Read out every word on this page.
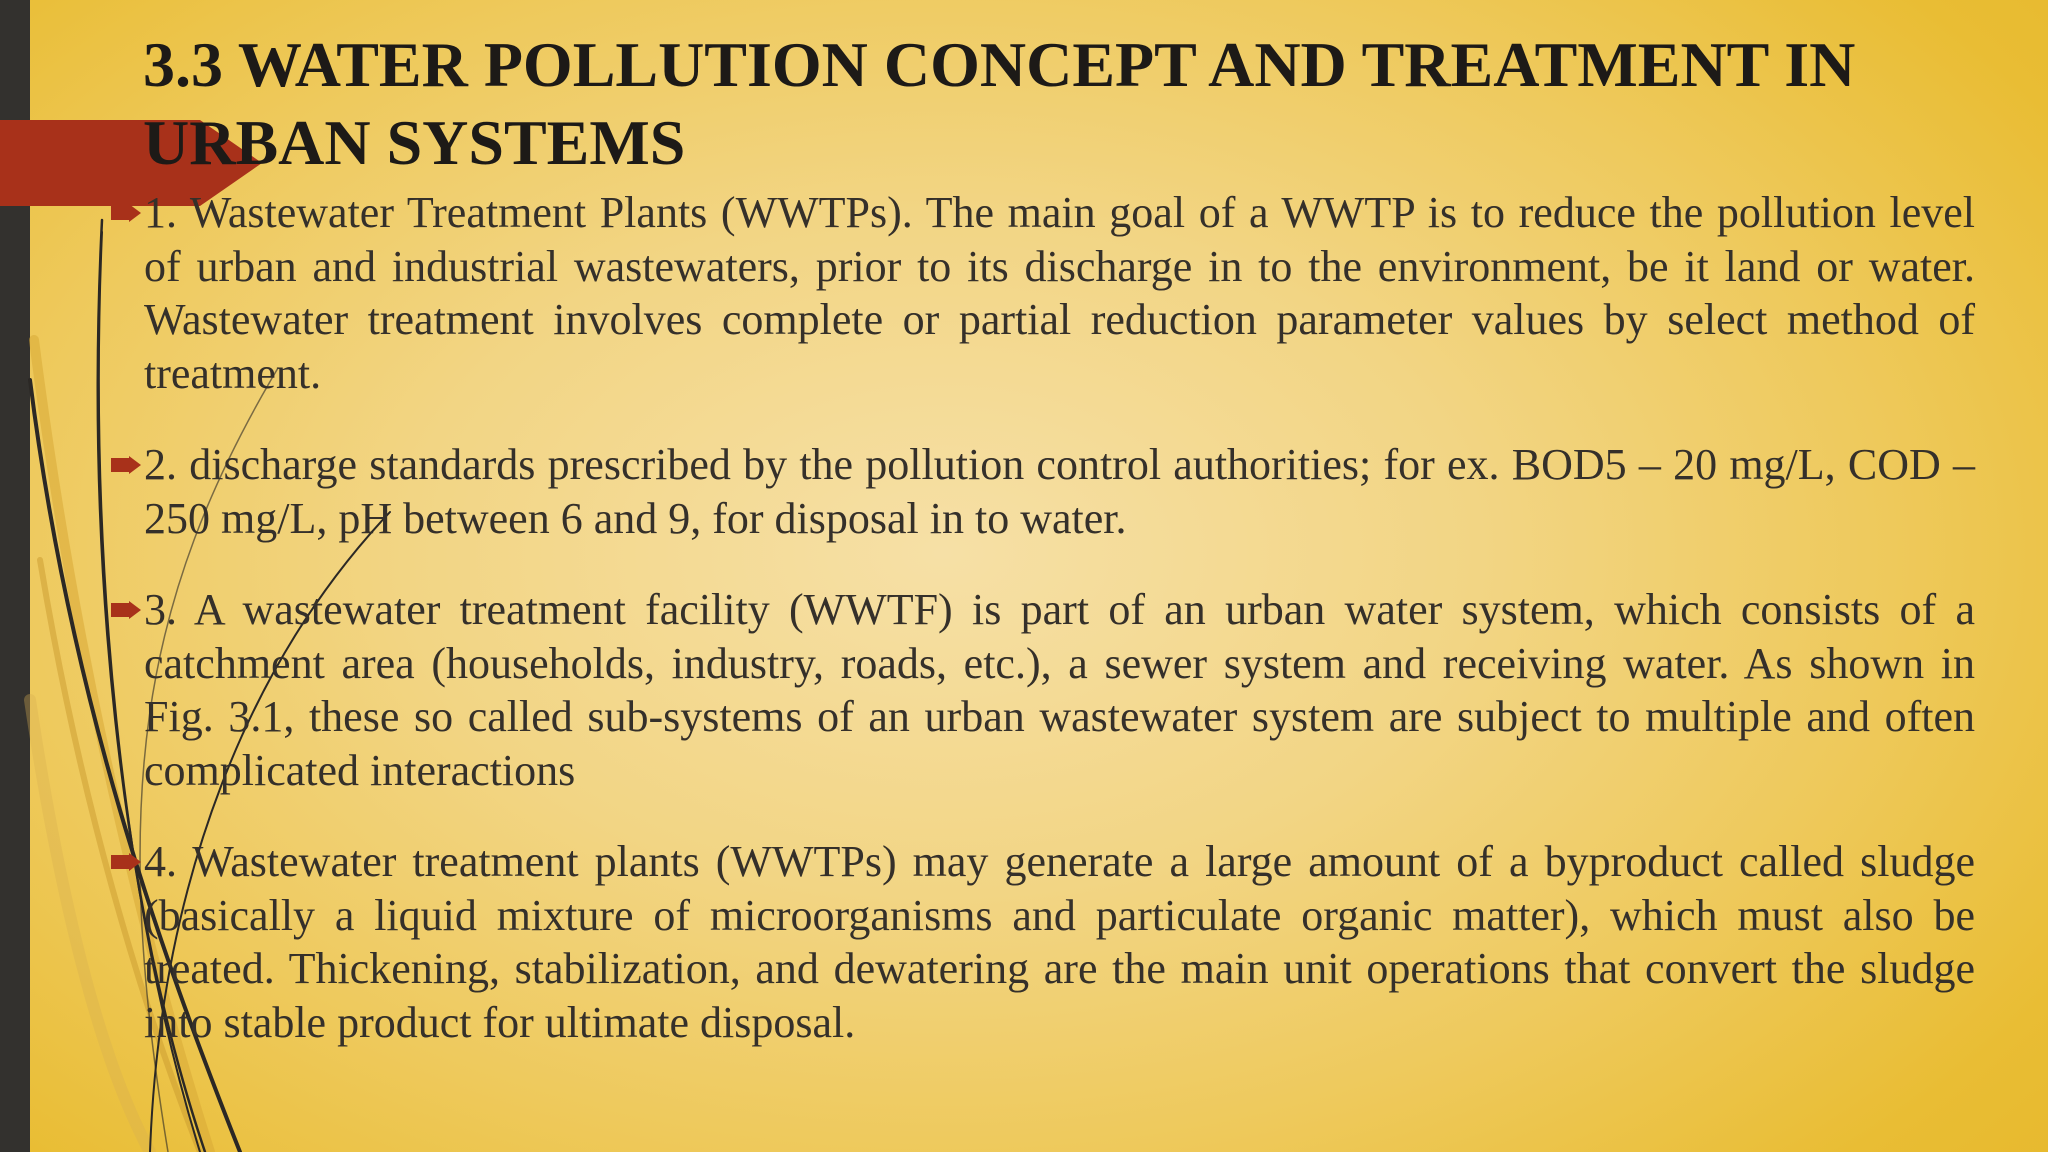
3.3 WATER POLLUTION CONCEPT AND TREATMENT IN URBAN SYSTEMS
1. Wastewater Treatment Plants (WWTPs). The main goal of a WWTP is to reduce the pollution level of urban and industrial wastewaters, prior to its discharge in to the environment, be it land or water. Wastewater treatment involves complete or partial reduction parameter values by select method of treatment.
2. discharge standards prescribed by the pollution control authorities; for ex. BOD5 – 20 mg/L, COD – 250 mg/L, pH between 6 and 9, for disposal in to water.
3. A wastewater treatment facility (WWTF) is part of an urban water system, which consists of a catchment area (households, industry, roads, etc.), a sewer system and receiving water. As shown in Fig. 3.1, these so called sub-systems of an urban wastewater system are subject to multiple and often complicated interactions
4. Wastewater treatment plants (WWTPs) may generate a large amount of a byproduct called sludge (basically a liquid mixture of microorganisms and particulate organic matter), which must also be treated. Thickening, stabilization, and dewatering are the main unit operations that convert the sludge into stable product for ultimate disposal.
